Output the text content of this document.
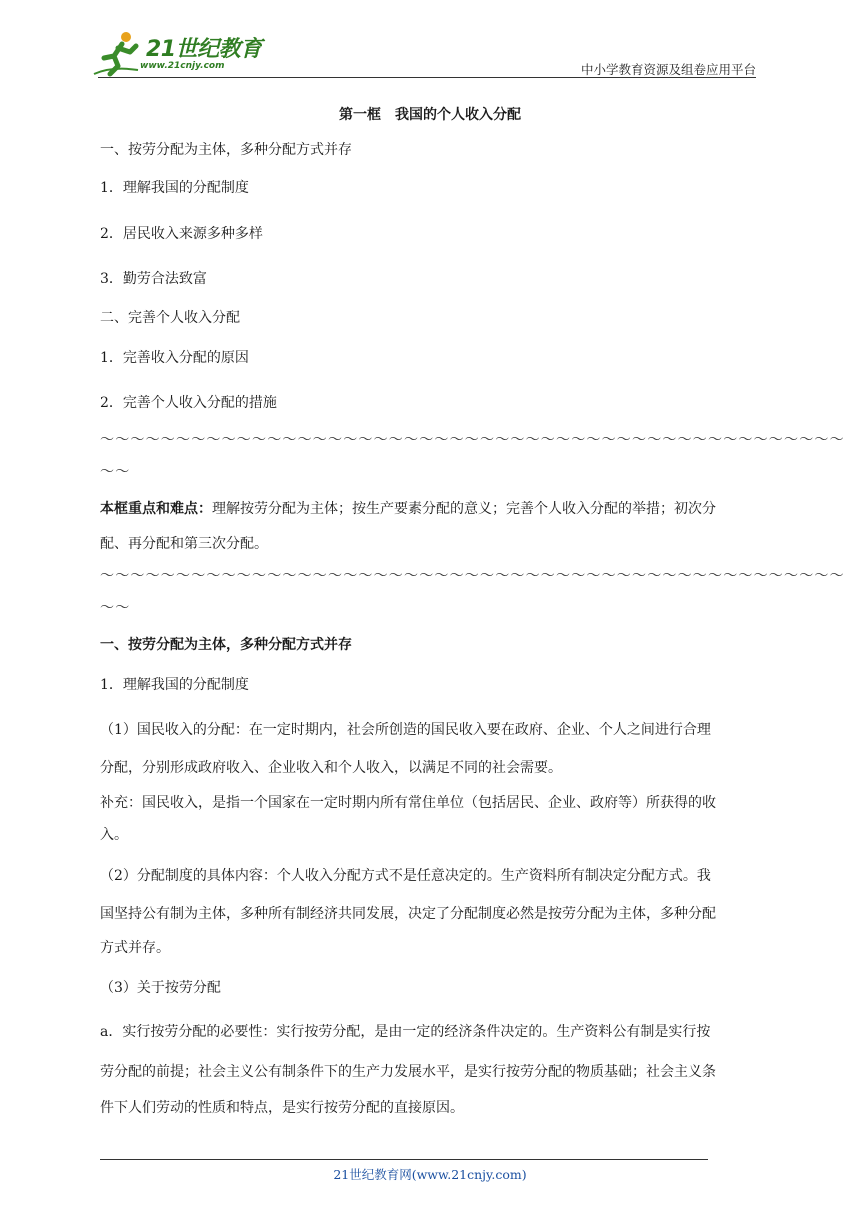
21世纪教育
www.21cnjy.com	中小学教育资源及组卷应用平台
第一框　我国的个人收入分配
一、按劳分配为主体，多种分配方式并存
1．理解我国的分配制度
2．居民收入来源多种多样
3．勤劳合法致富
二、完善个人收入分配
1．完善收入分配的原因
2．完善个人收入分配的措施
～～～～～～～～～～～～～～～～～～～～～～～～～～～～～～～～～～～～～～～～～～～～～～～～～
～～
本框重点和难点：理解按劳分配为主体；按生产要素分配的意义；完善个人收入分配的举措；初次分
配、再分配和第三次分配。
～～～～～～～～～～～～～～～～～～～～～～～～～～～～～～～～～～～～～～～～～～～～～～～～～
～～
一、按劳分配为主体，多种分配方式并存
1．理解我国的分配制度
（1）国民收入的分配：在一定时期内，社会所创造的国民收入要在政府、企业、个人之间进行合理
分配，分别形成政府收入、企业收入和个人收入，以满足不同的社会需要。
补充：国民收入，是指一个国家在一定时期内所有常住单位（包括居民、企业、政府等）所获得的收
入。
（2）分配制度的具体内容：个人收入分配方式不是任意决定的。生产资料所有制决定分配方式。我
国坚持公有制为主体，多种所有制经济共同发展，决定了分配制度必然是按劳分配为主体，多种分配
方式并存。
（3）关于按劳分配
a．实行按劳分配的必要性：实行按劳分配，是由一定的经济条件决定的。生产资料公有制是实行按
劳分配的前提；社会主义公有制条件下的生产力发展水平，是实行按劳分配的物质基础；社会主义条
件下人们劳动的性质和特点，是实行按劳分配的直接原因。
21世纪教育网(www.21cnjy.com)
